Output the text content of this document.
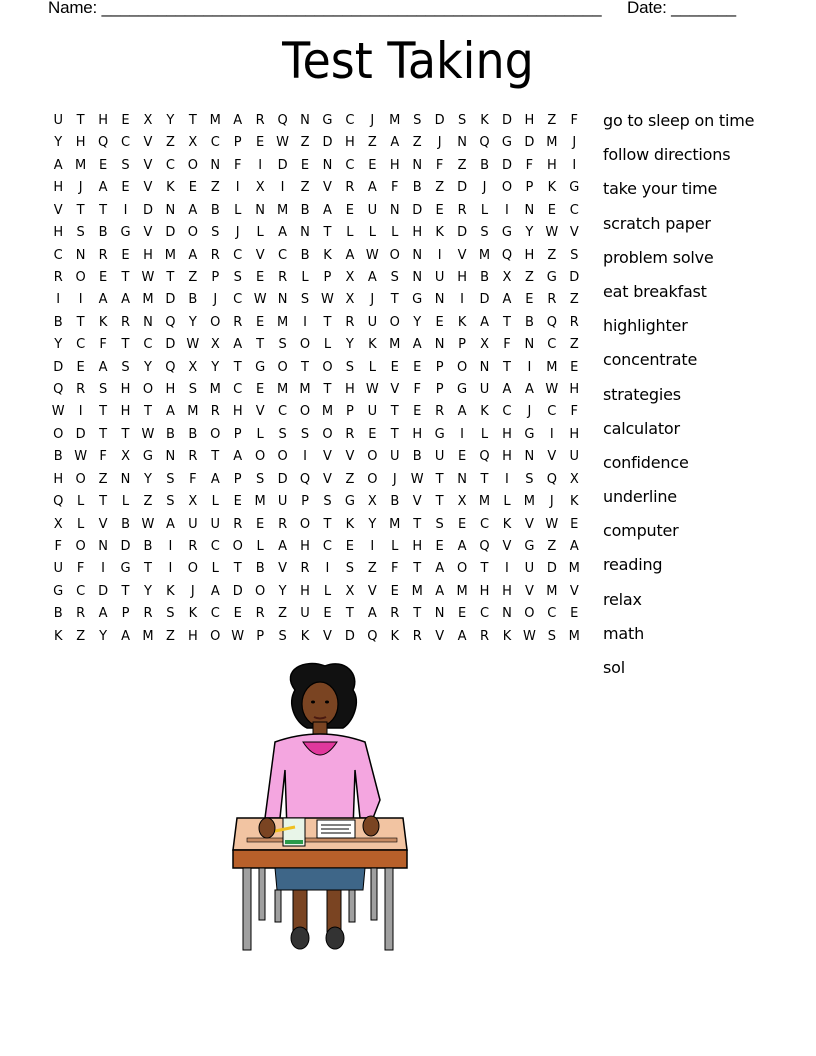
Name: ______________________________________________________ Date: _______
Test Taking
U	T	H	E	X	Y	T M A	R Q N G C	J	M S	D	S	K	D H	Z	F
Y	H Q C	V	Z	X	C	P	E W Z D H	Z	A	Z	J	N Q G D M	J
A M E	S	V	C O N	F	I	D	E	N	C	E	H N	F	Z	B D	F	H	I
H	J	A	E	V	K	E	Z	I	X	I	Z	V	R	A	F	B	Z D	J	O	P	K	G
V	T	T	I	D N	A	B	L	N M B	A	E	U N D	E	R	L	I	N	E	C
H	S	B G V D O	S	J	L	A	N	T	L	L	L	H	K	D	S	G	Y W V
C	N	R	E	H M A	R	C	V	C	B	K	A W O N	I	V M Q H	Z	S
R O	E	T W T	Z	P	S	E	R	L	P	X	A	S	N U H	B	X	Z G D
I	I	A	A M D B	J	C W N	S W X	J	T	G N	I	D A	E	R	Z
B	T	K	R	N Q	Y	O R	E M	I	T	R	U O	Y	E	K	A	T	B Q R
Y	C	F	T	C D W X	A	T	S	O	L	Y	K M A	N	P	X	F	N	C	Z
D	E	A	S	Y	Q X	Y	T	G O	T	O	S	L	E	E	P	O N	T	I	M E
Q R	S	H O H	S M C	E M M T	H W V	F	P	G U	A	A W H
W	I	T	H	T	A M R	H	V	C O M P	U	T	E	R	A	K	C	J	C	F
O D	T	T W B	B O	P	L	S	S	O R	E	T	H G	I	L	H G	I	H
B W F	X G N	R	T	A O O	I	V	V O U	B	U	E	Q H N	V	U
H O Z	N	Y	S	F	A	P	S	D Q V	Z O	J	W T	N	T	I	S	Q X
Q	L	T	L	Z	S	X	L	E M U	P	S	G X	B	V	T	X M	L	M	J	K
X	L	V	B W A	U U	R	E	R O	T	K	Y M T	S	E	C	K	V W E
F	O N D B	I	R	C O	L	A	H	C	E	I	L	H	E	A Q V G Z	A
U	F	I	G	T	I	O	L	T	B	V	R	I	S	Z	F	T	A O	T	I	U D M
G C D	T	Y	K	J	A D O	Y	H	L	X	V	E M A M H H	V M V
B	R	A	P	R	S	K	C	E	R	Z	U	E	T	A	R	T	N	E	C	N O C	E
K	Z	Y	A M Z	H O W P	S	K	V D Q	K	R	V	A	R	K W S M
go to sleep on time
follow directions
take your time
scratch paper
problem solve
eat breakfast
highlighter
concentrate
strategies
calculator
confidence
underline
computer
reading
relax
math
sol
